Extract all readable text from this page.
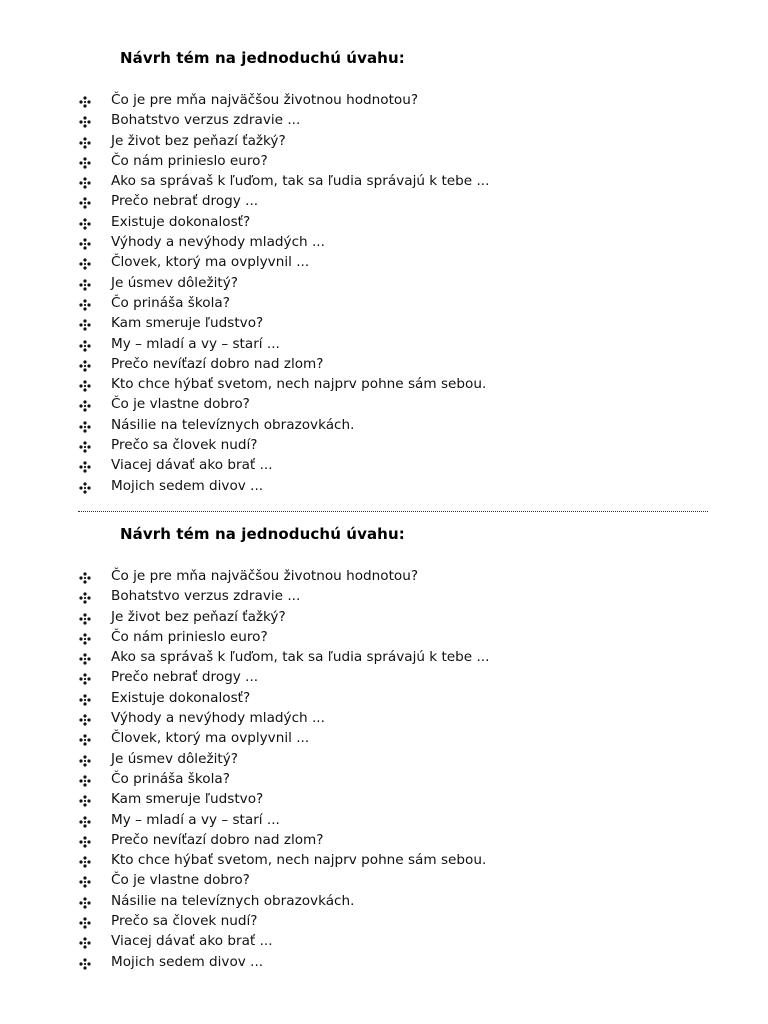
Návrh tém na jednoduchú úvahu:
Čo je pre mňa najväčšou životnou hodnotou?
Bohatstvo verzus zdravie ...
Je život bez peňazí ťažký?
Čo nám prinieslo euro?
Ako sa správaš k ľuďom, tak sa ľudia správajú k tebe ...
Prečo nebrať drogy ...
Existuje dokonalosť?
Výhody a nevýhody mladých ...
Človek, ktorý ma ovplyvnil ...
Je úsmev dôležitý?
Čo prináša škola?
Kam smeruje ľudstvo?
My – mladí a vy – starí ...
Prečo nevíťazí dobro nad zlom?
Kto chce hýbať svetom, nech najprv pohne sám sebou.
Čo je vlastne dobro?
Násilie na televíznych obrazovkách.
Prečo sa človek nudí?
Viacej dávať ako brať ...
Mojich sedem divov ...
Návrh tém na jednoduchú úvahu:
Čo je pre mňa najväčšou životnou hodnotou?
Bohatstvo verzus zdravie ...
Je život bez peňazí ťažký?
Čo nám prinieslo euro?
Ako sa správaš k ľuďom, tak sa ľudia správajú k tebe ...
Prečo nebrať drogy ...
Existuje dokonalosť?
Výhody a nevýhody mladých ...
Človek, ktorý ma ovplyvnil ...
Je úsmev dôležitý?
Čo prináša škola?
Kam smeruje ľudstvo?
My – mladí a vy – starí ...
Prečo nevíťazí dobro nad zlom?
Kto chce hýbať svetom, nech najprv pohne sám sebou.
Čo je vlastne dobro?
Násilie na televíznych obrazovkách.
Prečo sa človek nudí?
Viacej dávať ako brať ...
Mojich sedem divov ...
